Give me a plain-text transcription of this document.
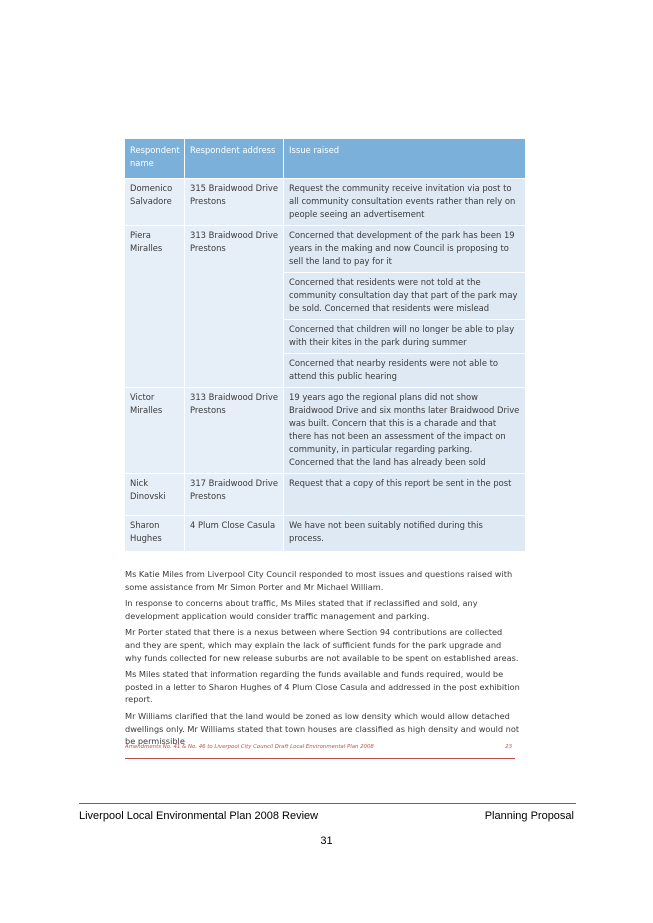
Respondent name	Respondent address	Issue raised
Domenico Salvadore	315 Braidwood Drive Prestons	Request the community receive invitation via post to all community consultation events rather than rely on people seeing an advertisement
Piera Miralles	313 Braidwood Drive Prestons	Concerned that development of the park has been 19 years in the making and now Council is proposing to sell the land to pay for it
		Concerned that residents were not told at the community consultation day that part of the park may be sold. Concerned that residents were mislead
		Concerned that children will no longer be able to play with their kites in the park during summer
		Concerned that nearby residents were not able to attend this public hearing
Victor Miralles	313 Braidwood Drive Prestons	19 years ago the regional plans did not show Braidwood Drive and six months later Braidwood Drive was built. Concern that this is a charade and that there has not been an assessment of the impact on community, in particular regarding parking. Concerned that the land has already been sold
Nick Dinovski	317 Braidwood Drive Prestons	Request that a copy of this report be sent in the post
Sharon Hughes	4 Plum Close Casula	We have not been suitably notified during this process.

Ms Katie Miles from Liverpool City Council responded to most issues and questions raised with some assistance from Mr Simon Porter and Mr Michael William.

In response to concerns about traffic, Ms Miles stated that if reclassified and sold, any development application would consider traffic management and parking.

Mr Porter stated that there is a nexus between where Section 94 contributions are collected and they are spent, which may explain the lack of sufficient funds for the park upgrade and why funds collected for new release suburbs are not available to be spent on established areas.

Ms Miles stated that information regarding the funds available and funds required, would be posted in a letter to Sharon Hughes of 4 Plum Close Casula and addressed in the post exhibition report.

Mr Williams clarified that the land would be zoned as low density which would allow detached dwellings only. Mr Williams stated that town houses are classified as high density and would not be permissible

Amendments No. 41 & No. 46 to Liverpool City Council Draft Local Environmental Plan 2008	23
Liverpool Local Environmental Plan 2008 Review	Planning Proposal
31
